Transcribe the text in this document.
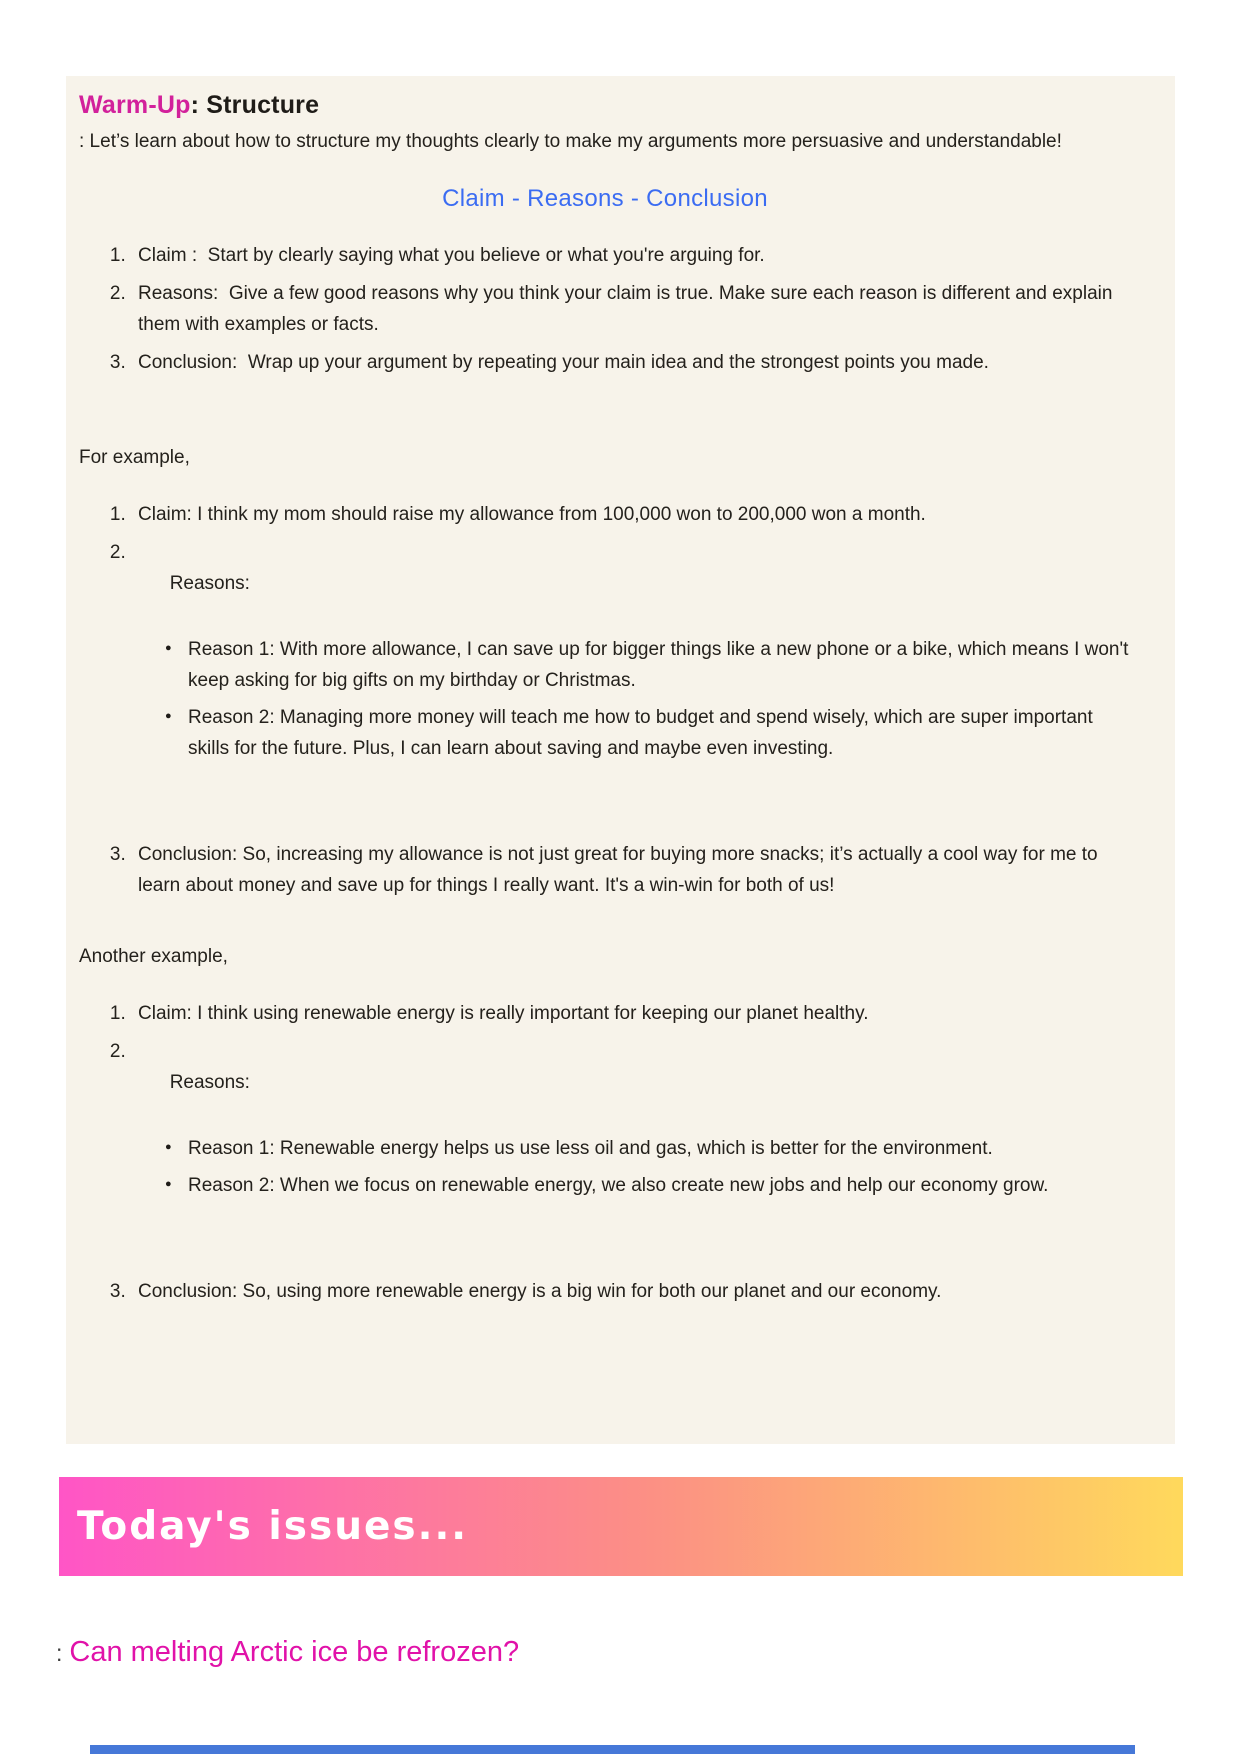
Warm-Up: Structure

: Let’s learn about how to structure my thoughts clearly to make my arguments more persuasive and understandable!

Claim - Reasons - Conclusion
1. Claim :  Start by clearly saying what you believe or what you're arguing for.
2. Reasons:  Give a few good reasons why you think your claim is true. Make sure each reason is different and explain them with examples or facts.
3. Conclusion:  Wrap up your argument by repeating your main idea and the strongest points you made.

For example,

1. Claim: I think my mom should raise my allowance from 100,000 won to 200,000 won a month.

2. Reasons:

● Reason 1: With more allowance, I can save up for bigger things like a new phone or a bike, which means I won't keep asking for big gifts on my birthday or Christmas.
● Reason 2: Managing more money will teach me how to budget and spend wisely, which are super important skills for the future. Plus, I can learn about saving and maybe even investing.

3. Conclusion: So, increasing my allowance is not just great for buying more snacks; it’s actually a cool way for me to learn about money and save up for things I really want. It's a win-win for both of us!

Another example,

1. Claim: I think using renewable energy is really important for keeping our planet healthy.

2. Reasons:

● Reason 1: Renewable energy helps us use less oil and gas, which is better for the environment.
● Reason 2: When we focus on renewable energy, we also create new jobs and help our economy grow.

3. Conclusion: So, using more renewable energy is a big win for both our planet and our economy.
Today's issues...

: Can melting Arctic ice be refrozen?
